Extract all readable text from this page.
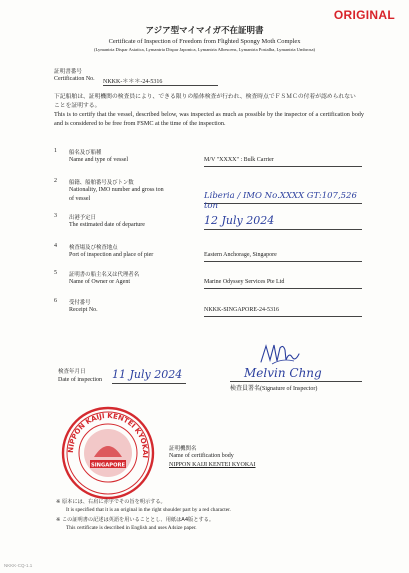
ORIGINAL
アジア型マイマイガ不在証明書
Certificate of Inspection of Freedom from Flighted Spongy Moth Complex
(Lymantria Dispar Asiatica, Lymantria Dispar Japonica, Lymantria Albescens, Lymantria Postalba, Lymantria Umbrosa)
証明書番号
Certification No. NKKK-＊＊＊-24-5316
下記船舶は、証明機関の検査員により、できる限りの船体検査が行われ、検査時点でＦＳＭＣの付着が認められないことを証明する。
This is to certify that the vessel, described below, was inspected as much as possible by the inspector of a certification body and is considered to be free from FSMC at the time of the inspection.
1	船名及び船種
Name and type of vessel	M/V "XXXX" : Bulk Carrier
2	船籍、船舶番号及びトン数
Nationality, IMO number and gross ton
of vessel	Liberia / IMO No.XXXX GT:107,526 ton
3	出港予定日
The estimated date of departure	12 July 2024
4	検査場及び検査地点
Port of inspection and place of pier	Eastern Anchorage, Singapore
5	証明書の船主名又は代理者名
Name of Owner or Agent	Marine Odyssey Services Pte Ltd
6	受付番号
Receipt No.	NKKK-SINGAPORE-24-5316
検査年月日
Date of inspection 11 July 2024	Melvin Chng
検査員署名(Signature of Inspector)
NIPPON KAIJI KENTEI KYOKAI
SINGAPORE
証明機関名
Name of certification body
NIPPON KAIJI KENTEI KYOKAI
※ 原本には、右肩に赤字でその旨を明示する。
It is specified that it is an original in the right shoulder part by a red character.
※ この証明書の記述は英語を用いることとし、用紙はA4版とする。
This certificate is described in English and uses A4size paper.
NKKK-CQ-1.1
